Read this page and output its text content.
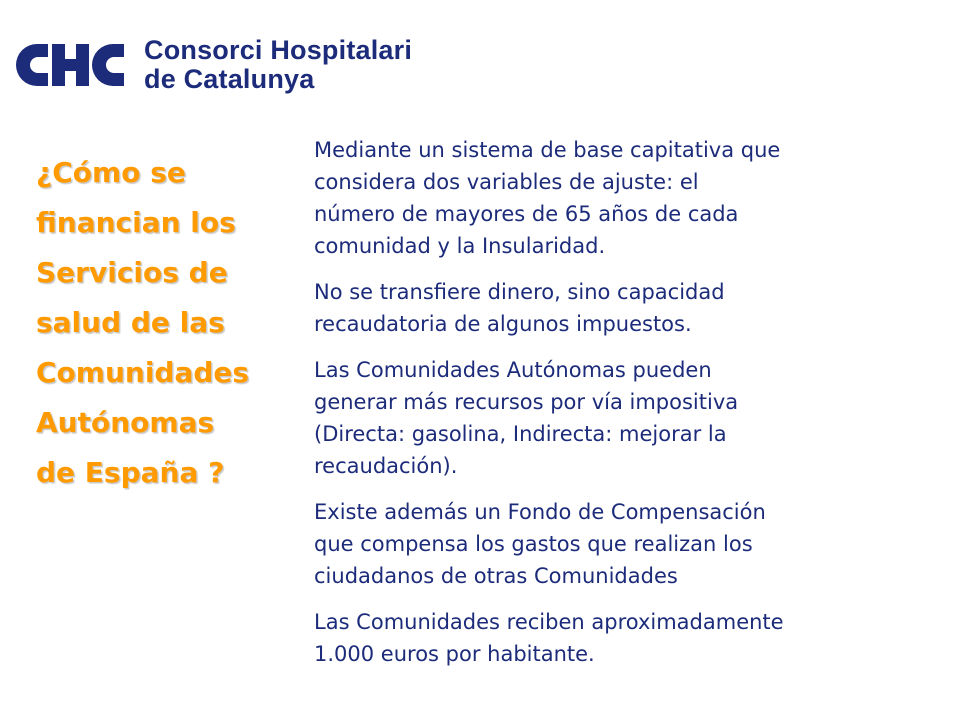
Consorci Hospitalari
de Catalunya
¿Cómo se
financian los
Servicios de
salud de las
Comunidades
Autónomas
de España ?

Mediante un sistema de base capitativa que
considera dos variables de ajuste: el
número de mayores de 65 años de cada
comunidad y la Insularidad.

No se transfiere dinero, sino capacidad
recaudatoria de algunos impuestos.

Las Comunidades Autónomas pueden
generar más recursos por vía impositiva
(Directa: gasolina, Indirecta: mejorar la
recaudación).

Existe además un Fondo de Compensación
que compensa los gastos que realizan los
ciudadanos de otras Comunidades

Las Comunidades reciben aproximadamente
1.000 euros por habitante.
